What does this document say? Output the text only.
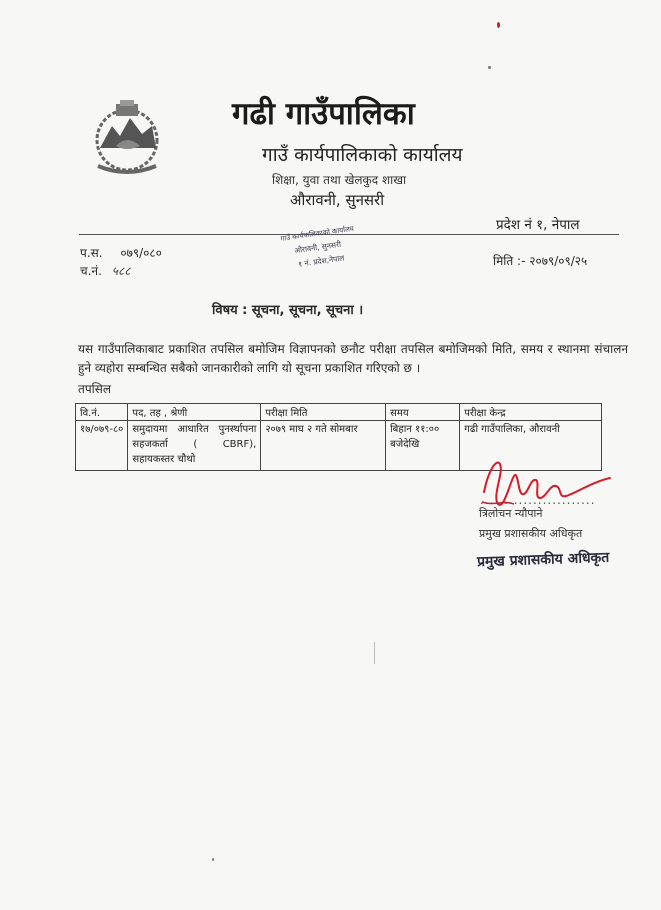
गढी गाउँपालिका
गाउँ कार्यपालिकाको कार्यालय
शिक्षा, युवा तथा खेलकुद शाखा
औरावनी, सुनसरी
प्रदेश नं १, नेपाल
गाउँ कार्यपालिकाको कार्यालय
औरावनी, सुनसरी
१ नं. प्रदेश,नेपाल
प.स. ०७९/०८०
च.नं. ५८८
मिति :- २०७९/०९/२५
विषय : सूचना, सूचना, सूचना ।
यस गाउँपालिकाबाट प्रकाशित तपसिल बमोजिम विज्ञापनको छनौट परीक्षा तपसिल बमोजिमको मिति, समय र स्थानमा संचालन हुने व्यहोरा सम्बन्धित सबैको जानकारीको लागि यो सूचना प्रकाशित गरिएको छ ।
तपसिल
वि.नं.	पद, तह , श्रेणी	परीक्षा मिति	समय	परीक्षा केन्द्र
१७/०७९-८०	समुदायमा आधारित पुनर्स्थापना सहजकर्ता ( CBRF), सहायकस्तर चौथो	२०७९ माघ २ गते सोमबार	बिहान ११:०० बजेदेखि	गढी गाउँपालिका, औरावनी
........................
त्रिलोचन न्यौपाने
प्रमुख प्रशासकीय अधिकृत
प्रमुख प्रशासकीय अधिकृत
